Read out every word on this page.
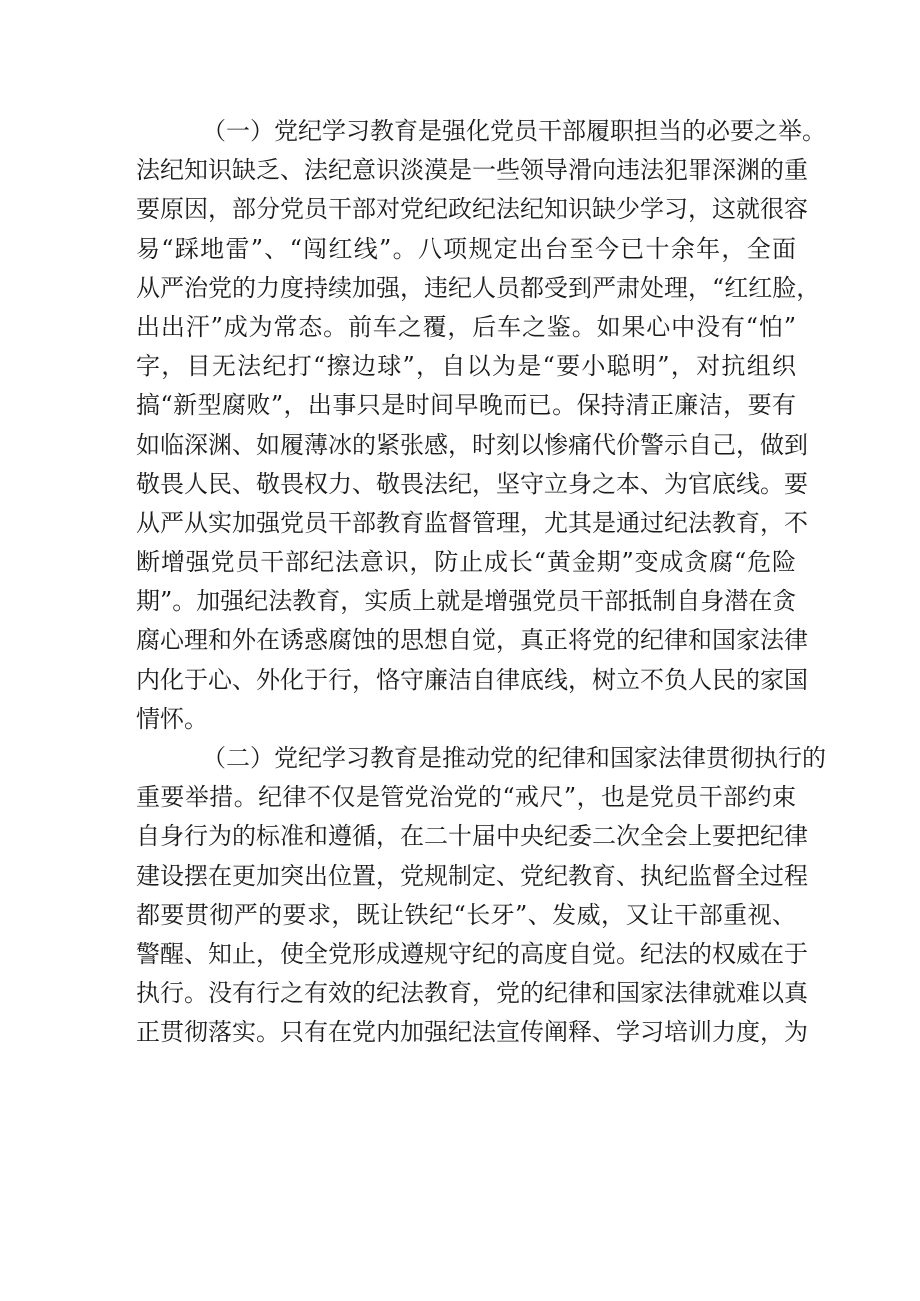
（一）党纪学习教育是强化党员干部履职担当的必要之举。
法纪知识缺乏、法纪意识淡漠是一些领导滑向违法犯罪深渊的重
要原因，部分党员干部对党纪政纪法纪知识缺少学习，这就很容
易“踩地雷”、“闯红线”。八项规定出台至今已十余年，全面
从严治党的力度持续加强，违纪人员都受到严肃处理，“红红脸，
出出汗”成为常态。前车之覆，后车之鉴。如果心中没有“怕”
字，目无法纪打“擦边球”，自以为是“要小聪明”，对抗组织
搞“新型腐败”，出事只是时间早晚而已。保持清正廉洁，要有
如临深渊、如履薄冰的紧张感，时刻以惨痛代价警示自己，做到
敬畏人民、敬畏权力、敬畏法纪，坚守立身之本、为官底线。要
从严从实加强党员干部教育监督管理，尤其是通过纪法教育，不
断增强党员干部纪法意识，防止成长“黄金期”变成贪腐“危险
期”。加强纪法教育，实质上就是增强党员干部抵制自身潜在贪
腐心理和外在诱惑腐蚀的思想自觉，真正将党的纪律和国家法律
内化于心、外化于行，恪守廉洁自律底线，树立不负人民的家国
情怀。
（二）党纪学习教育是推动党的纪律和国家法律贯彻执行的
重要举措。纪律不仅是管党治党的“戒尺”，也是党员干部约束
自身行为的标准和遵循，在二十届中央纪委二次全会上要把纪律
建设摆在更加突出位置，党规制定、党纪教育、执纪监督全过程
都要贯彻严的要求，既让铁纪“长牙”、发威，又让干部重视、
警醒、知止，使全党形成遵规守纪的高度自觉。纪法的权威在于
执行。没有行之有效的纪法教育，党的纪律和国家法律就难以真
正贯彻落实。只有在党内加强纪法宣传阐释、学习培训力度，为
